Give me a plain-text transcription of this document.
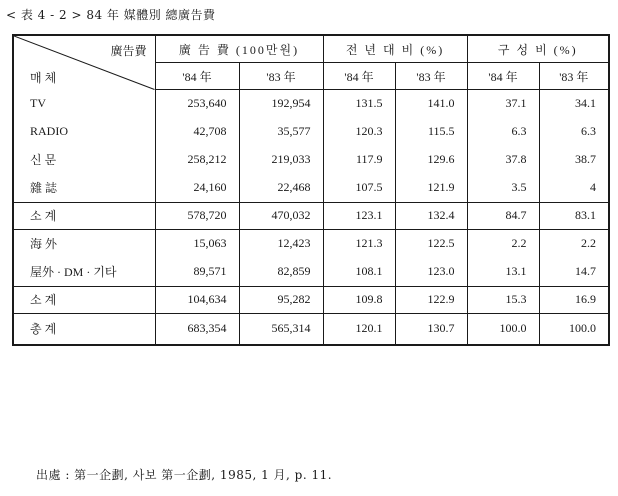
< 表 4 - 2 > 84 年 媒體別 總廣告費
廣告費
매 체	廣 告 費 (100만원)		전 년 대 비 (%)		구 성 비 (%)	
	'84 年	'83 年	'84 年	'83 年	'84 年	'83 年
TV	253,640	192,954	131.5	141.0	37.1	34.1
RADIO	42,708	35,577	120.3	115.5	6.3	6.3
신 문	258,212	219,033	117.9	129.6	37.8	38.7
雜 誌	24,160	22,468	107.5	121.9	3.5	4
소 계	578,720	470,032	123.1	132.4	84.7	83.1
海 外	15,063	12,423	121.3	122.5	2.2	2.2
屋外 · DM · 기타	89,571	82,859	108.1	123.0	13.1	14.7
소 계	104,634	95,282	109.8	122.9	15.3	16.9
총 계	683,354	565,314	120.1	130.7	100.0	100.0
出處 : 第一企劃, 사보 第一企劃, 1985, 1 月, p. 11.
